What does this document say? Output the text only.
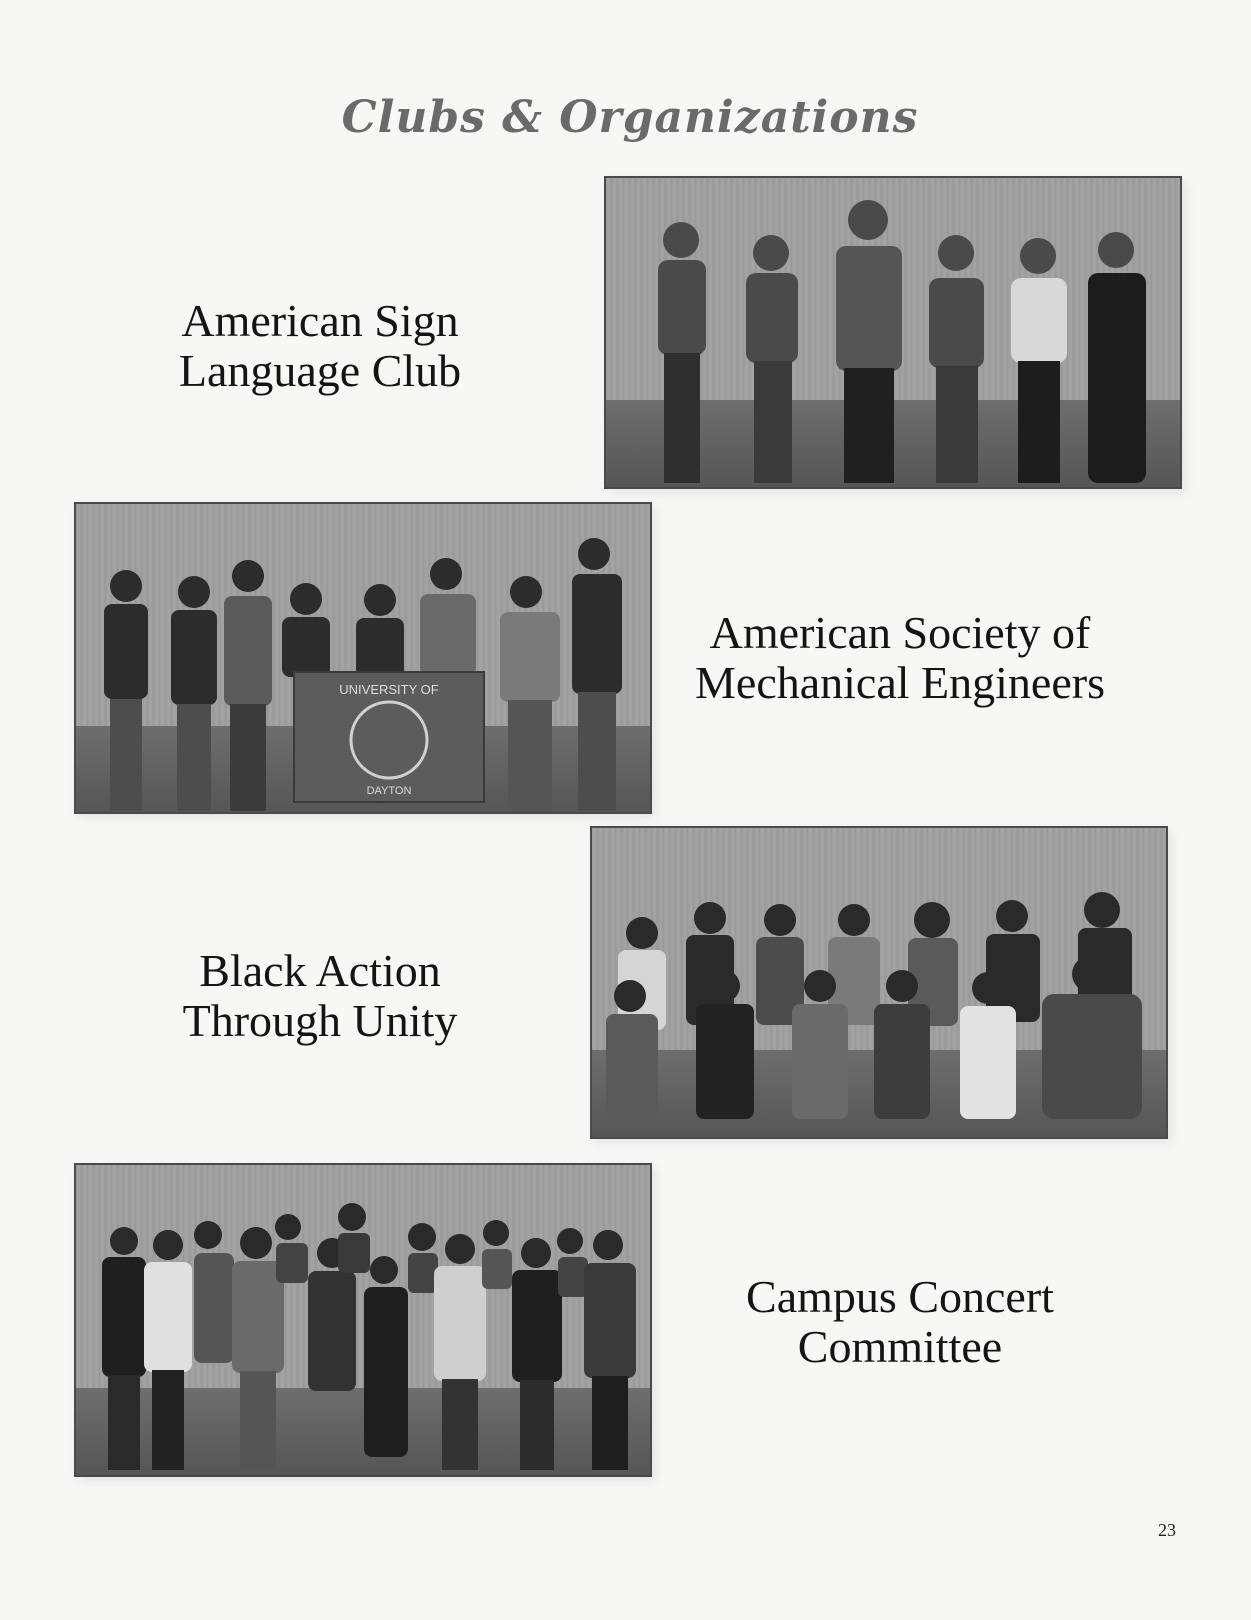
Clubs & Organizations

American Sign
Language Club

UNIVERSITY OF
DAYTON

American Society of
Mechanical Engineers

Black Action
Through Unity

Campus Concert
Committee

23
